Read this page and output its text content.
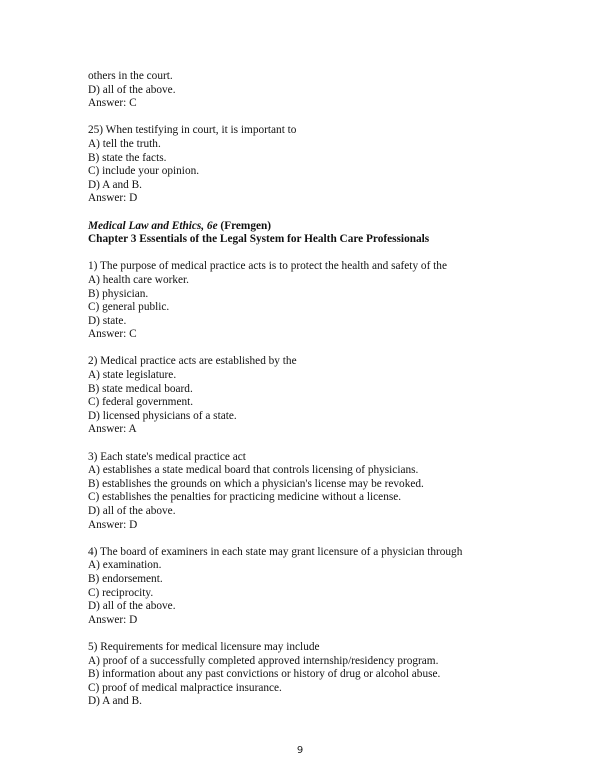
others in the court.
D) all of the above.
Answer: C
25) When testifying in court, it is important to
A) tell the truth.
B) state the facts.
C) include your opinion.
D) A and B.
Answer: D
Medical Law and Ethics, 6e (Fremgen)
Chapter 3 Essentials of the Legal System for Health Care Professionals
1) The purpose of medical practice acts is to protect the health and safety of the
A) health care worker.
B) physician.
C) general public.
D) state.
Answer: C
2) Medical practice acts are established by the
A) state legislature.
B) state medical board.
C) federal government.
D) licensed physicians of a state.
Answer: A
3) Each state's medical practice act
A) establishes a state medical board that controls licensing of physicians.
B) establishes the grounds on which a physician's license may be revoked.
C) establishes the penalties for practicing medicine without a license.
D) all of the above.
Answer: D
4) The board of examiners in each state may grant licensure of a physician through
A) examination.
B) endorsement.
C) reciprocity.
D) all of the above.
Answer: D
5) Requirements for medical licensure may include
A) proof of a successfully completed approved internship/residency program.
B) information about any past convictions or history of drug or alcohol abuse.
C) proof of medical malpractice insurance.
D) A and B.
9
